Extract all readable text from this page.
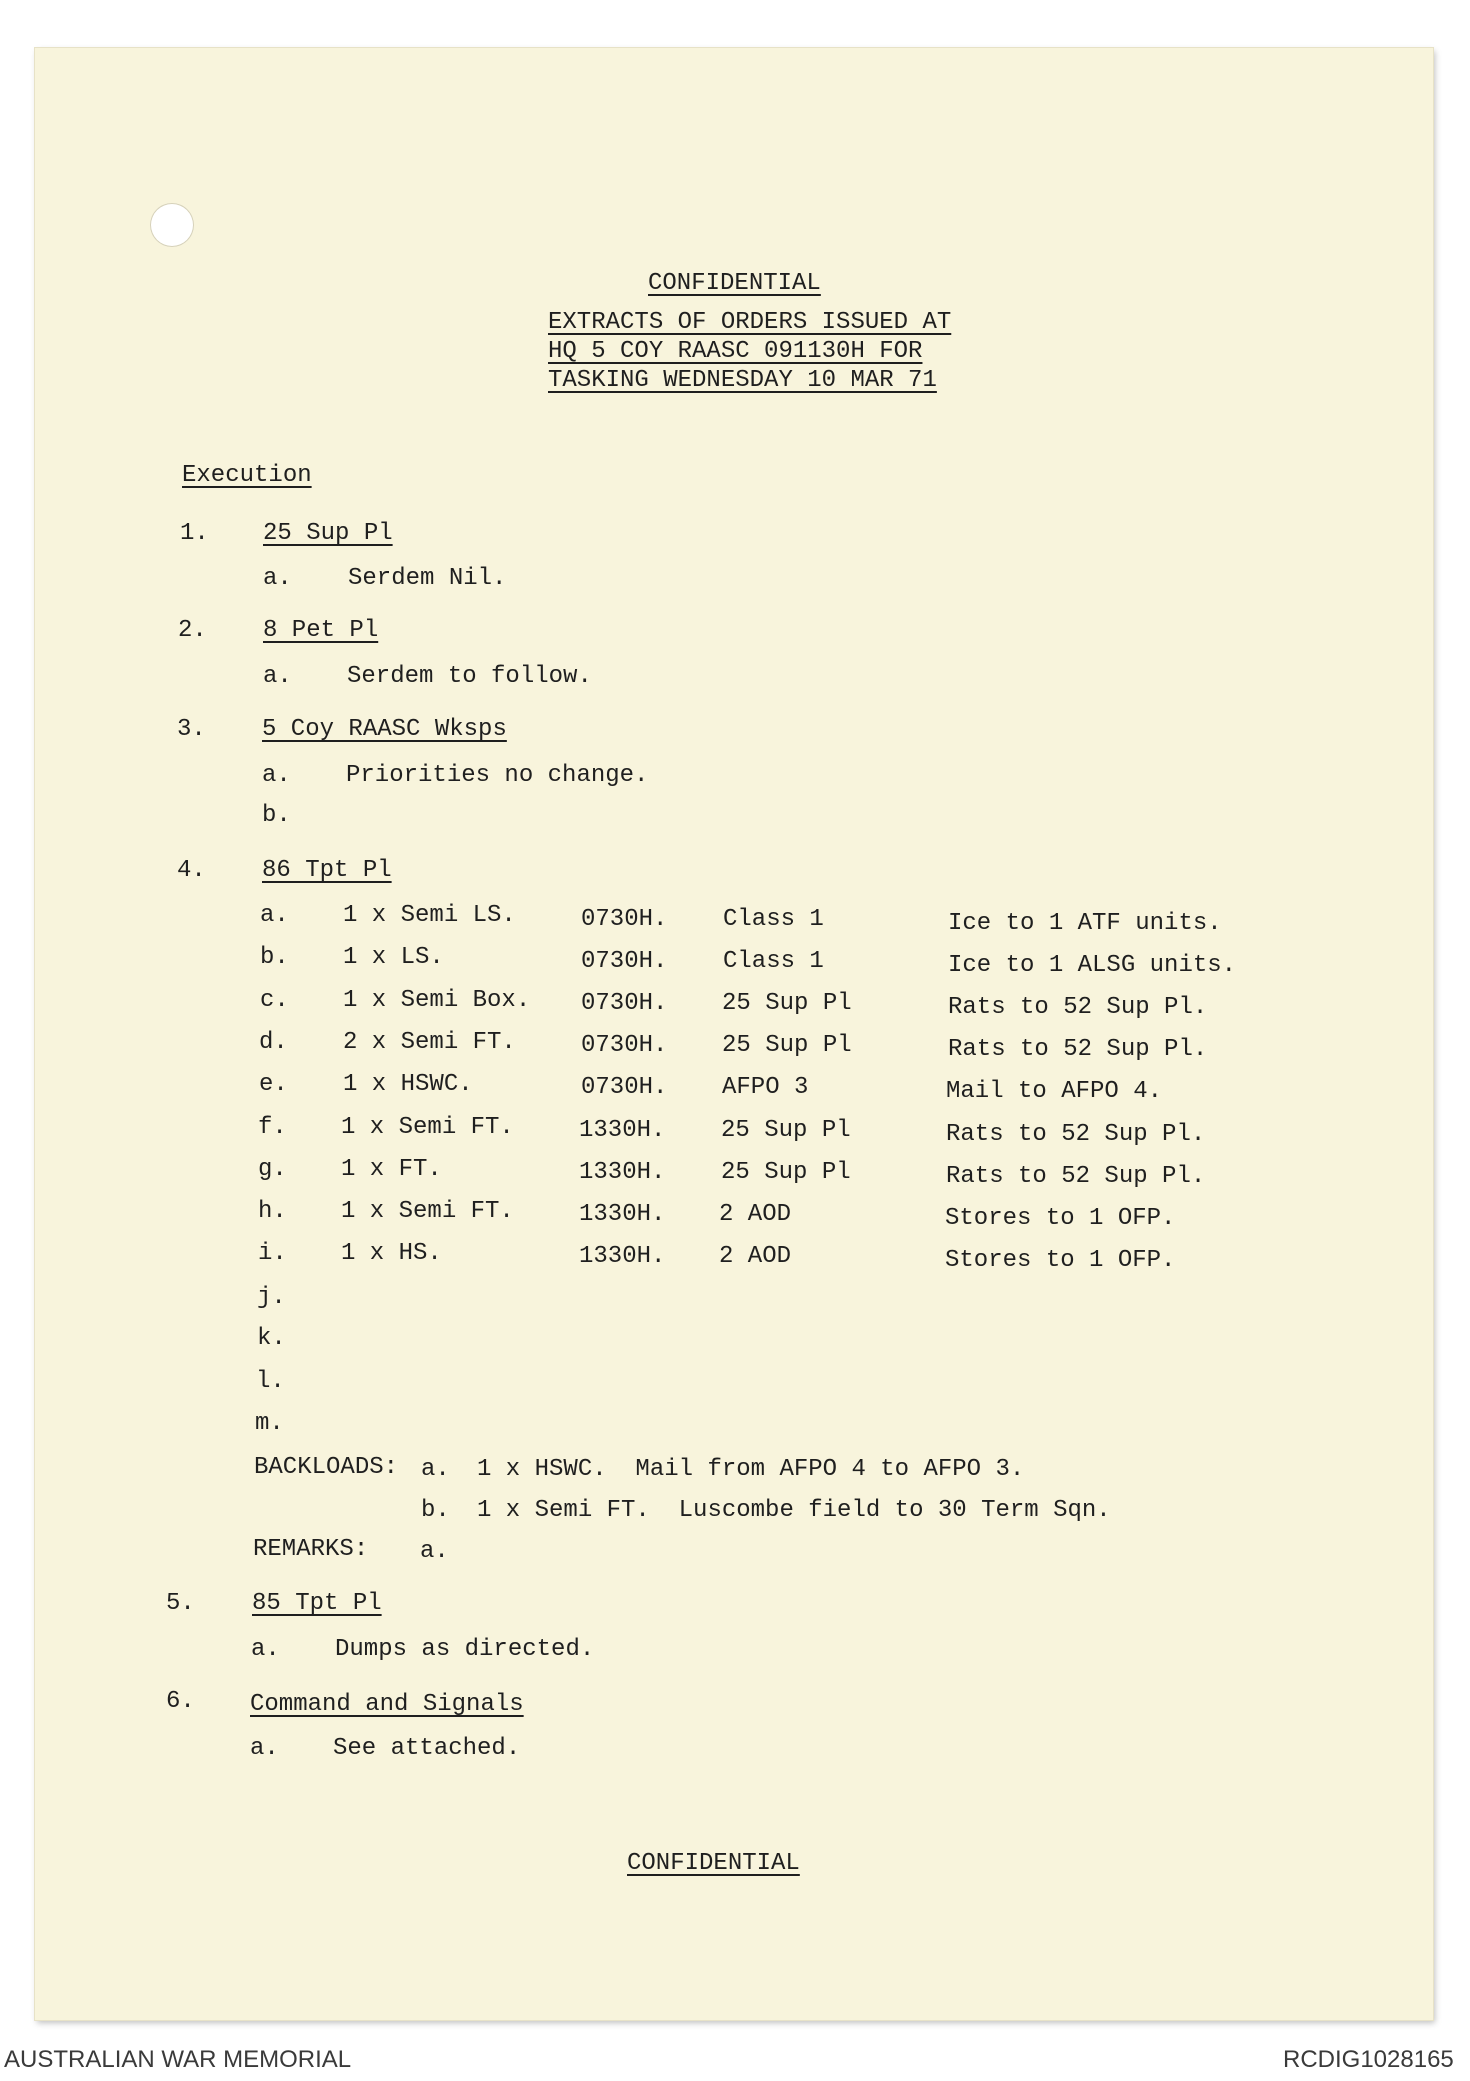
CONFIDENTIAL
EXTRACTS OF ORDERS ISSUED AT
HQ 5 COY RAASC 091130H FOR
TASKING WEDNESDAY 10 MAR 71
Execution
1. 25 Sup Pl
a. Serdem Nil.
2. 8 Pet Pl
a. Serdem to follow.
3. 5 Coy RAASC Wksps
a. Priorities no change.
b.
4. 86 Tpt Pl
a. 1 x Semi LS.	0730H. Class 1	Ice to 1 ATF units.
b. 1 x LS.	0730H. Class 1	Ice to 1 ALSG units.
c. 1 x Semi Box. 0730H. 25 Sup Pl	Rats to 52 Sup Pl.
d. 2 x Semi FT.	0730H. 25 Sup Pl	Rats to 52 Sup Pl.
e. 1 x HSWC.	0730H. AFPO 3	Mail to AFPO 4.
f. 1 x Semi FT.	1330H. 25 Sup Pl	Rats to 52 Sup Pl.
g. 1 x FT.	1330H. 25 Sup Pl	Rats to 52 Sup Pl.
h. 1 x Semi FT.	1330H. 2 AOD	Stores to 1 OFP.
i. 1 x HS.	1330H. 2 AOD	Stores to 1 OFP.
j.
k.
l.
m.
BACKLOADS: a. 1 x HSWC.  Mail from AFPO 4 to AFPO 3.
b. 1 x Semi FT.  Luscombe field to 30 Term Sqn.
REMARKS: a.
5. 85 Tpt Pl
a. Dumps as directed.
6. Command and Signals
a. See attached.
CONFIDENTIAL
AUSTRALIAN WAR MEMORIAL	RCDIG1028165
